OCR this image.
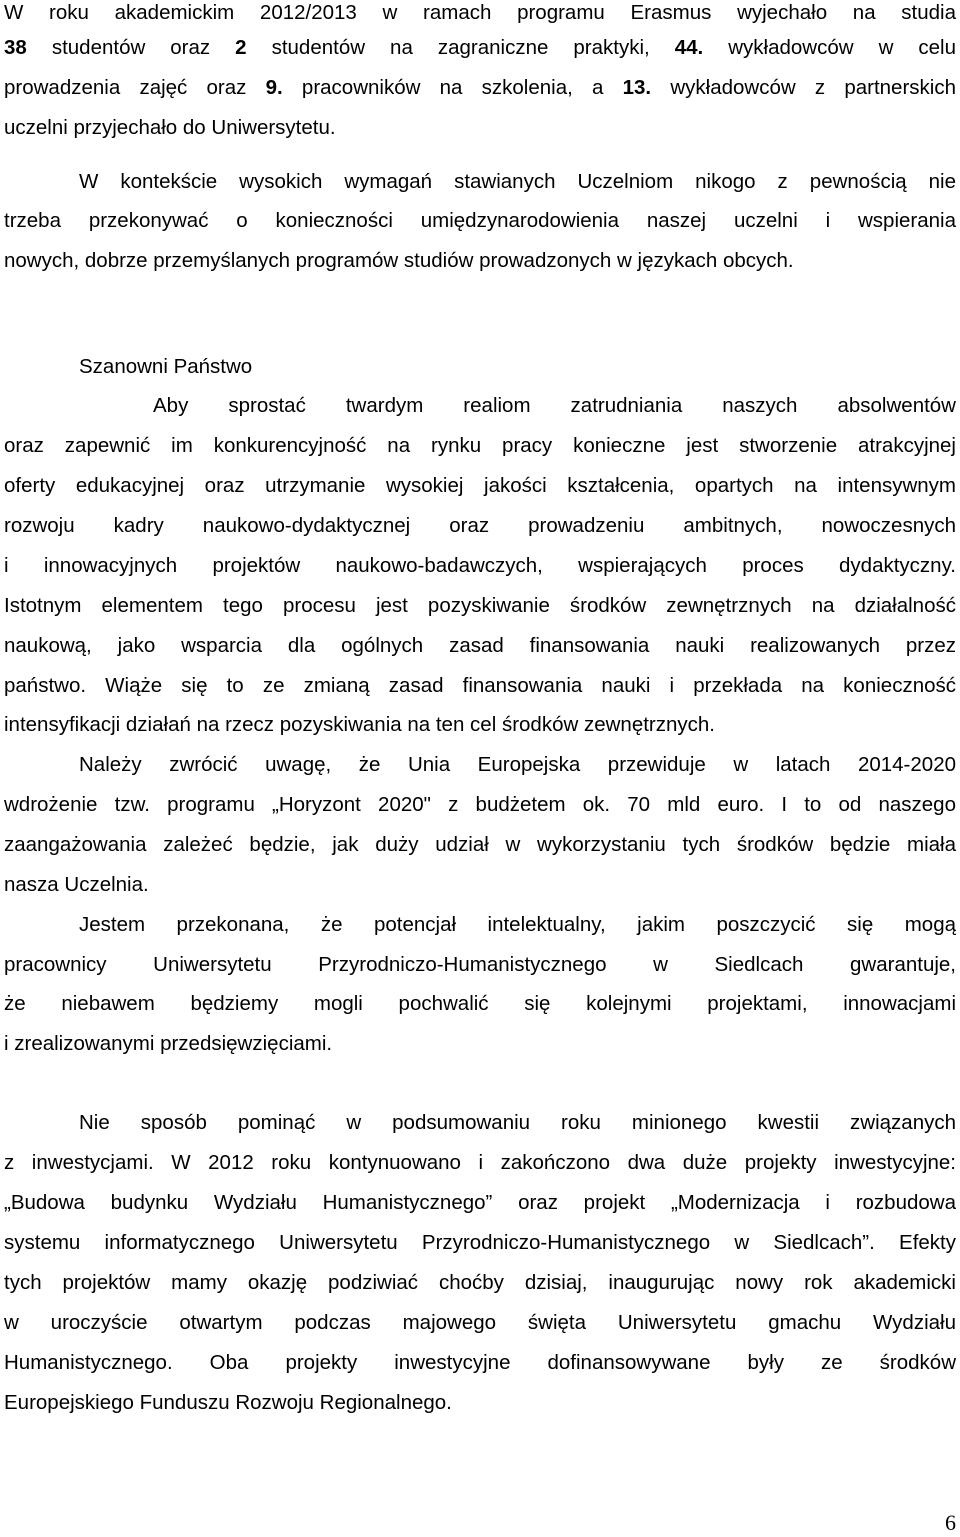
W roku akademickim 2012/2013 w ramach programu Erasmus wyjechało na studia

38 studentów oraz 2 studentów na zagraniczne praktyki, 44. wykładowców w celu

prowadzenia zajęć oraz 9. pracowników na szkolenia, a 13. wykładowców z partnerskich

uczelni przyjechało do Uniwersytetu.

W kontekście wysokich wymagań stawianych Uczelniom nikogo z pewnością nie

trzeba przekonywać o konieczności umiędzynarodowienia naszej uczelni i wspierania

nowych, dobrze przemyślanych programów studiów prowadzonych w językach obcych.

Szanowni Państwo

Aby sprostać twardym realiom zatrudniania naszych absolwentów

oraz zapewnić im konkurencyjność na rynku pracy konieczne jest stworzenie atrakcyjnej

oferty edukacyjnej oraz utrzymanie wysokiej jakości kształcenia, opartych na intensywnym

rozwoju kadry naukowo-dydaktycznej oraz prowadzeniu ambitnych, nowoczesnych

i innowacyjnych projektów naukowo-badawczych, wspierających proces dydaktyczny.

Istotnym elementem tego procesu jest pozyskiwanie środków zewnętrznych na działalność

naukową, jako wsparcia dla ogólnych zasad finansowania nauki realizowanych przez

państwo. Wiąże się to ze zmianą zasad finansowania nauki i przekłada na konieczność

intensyfikacji działań na rzecz pozyskiwania na ten cel środków zewnętrznych.

Należy zwrócić uwagę, że Unia Europejska przewiduje w latach 2014-2020

wdrożenie tzw. programu „Horyzont 2020" z budżetem ok. 70 mld euro. I to od naszego

zaangażowania zależeć będzie, jak duży udział w wykorzystaniu tych środków będzie miała

nasza Uczelnia.

Jestem przekonana, że potencjał intelektualny, jakim poszczycić się mogą

pracownicy Uniwersytetu Przyrodniczo-Humanistycznego w Siedlcach gwarantuje,

że niebawem będziemy mogli pochwalić się kolejnymi projektami, innowacjami

i zrealizowanymi przedsięwzięciami.

Nie sposób pominąć w podsumowaniu roku minionego kwestii związanych

z inwestycjami. W 2012 roku kontynuowano i zakończono dwa duże projekty inwestycyjne:

„Budowa budynku Wydziału Humanistycznego” oraz projekt „Modernizacja i rozbudowa

systemu informatycznego Uniwersytetu Przyrodniczo-Humanistycznego w Siedlcach”. Efekty

tych projektów mamy okazję podziwiać choćby dzisiaj, inaugurując nowy rok akademicki

w uroczyście otwartym podczas majowego święta Uniwersytetu gmachu Wydziału

Humanistycznego. Oba projekty inwestycyjne dofinansowywane były ze środków

Europejskiego Funduszu Rozwoju Regionalnego.

6
